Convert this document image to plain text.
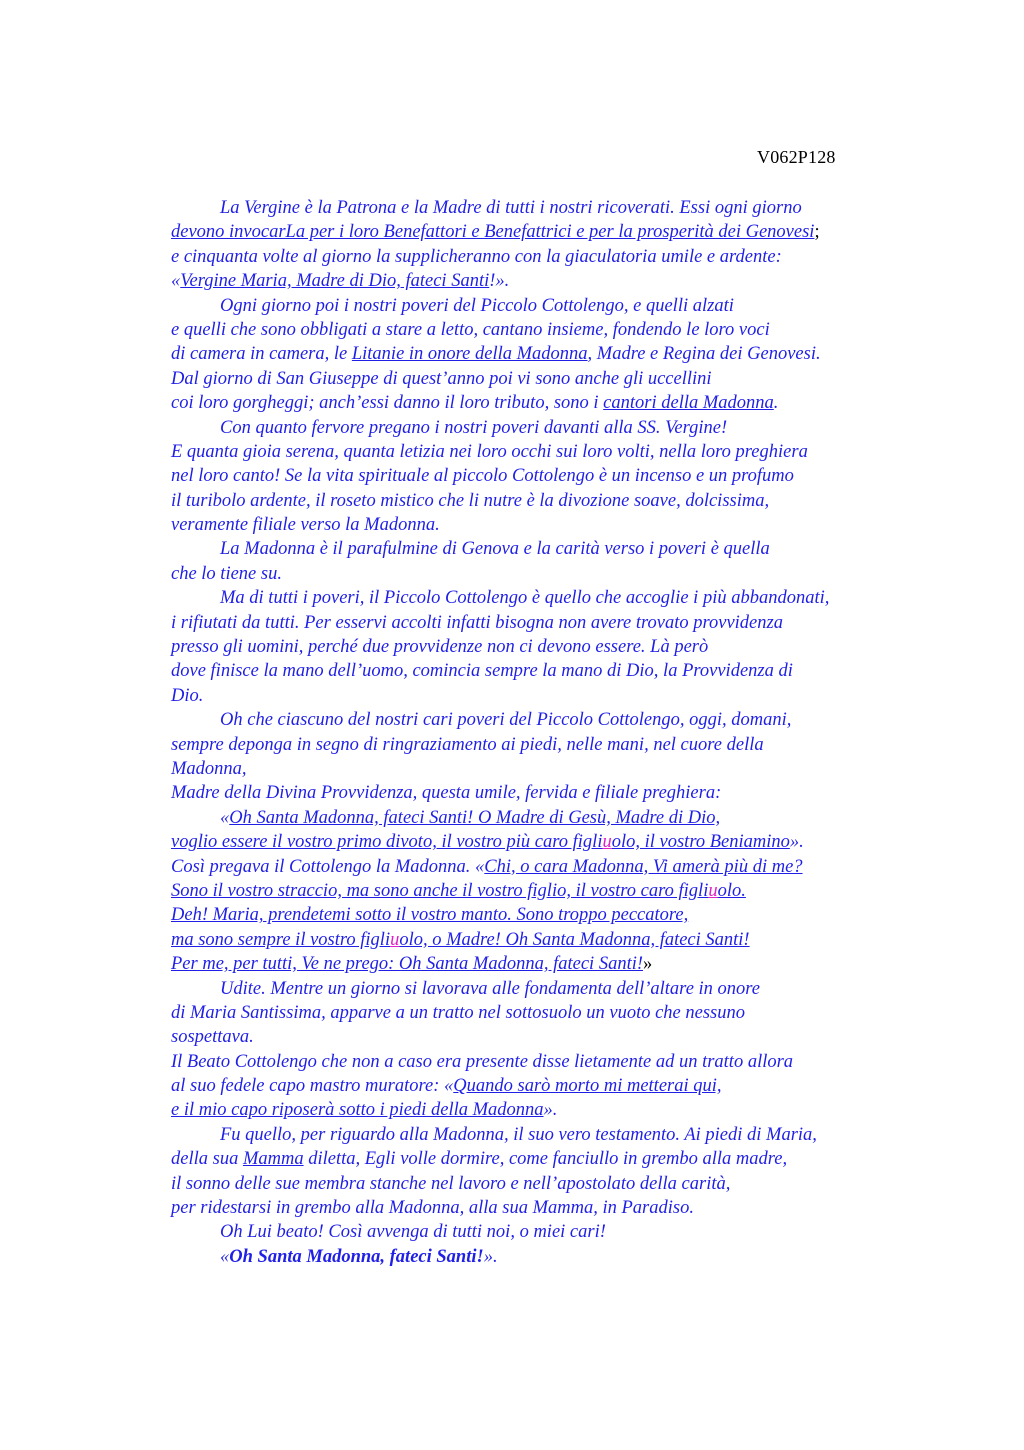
V062P128
La Vergine è la Patrona e la Madre di tutti i nostri ricoverati. Essi ogni giorno
devono invocarLa per i loro Benefattori e Benefattrici e per la prosperità dei Genovesi;
e cinquanta volte al giorno la supplicheranno con la giaculatoria umile e ardente:
«Vergine Maria, Madre di Dio, fateci Santi!».
Ogni giorno poi i nostri poveri del Piccolo Cottolengo, e quelli alzati
e quelli che sono obbligati a stare a letto, cantano insieme, fondendo le loro voci
di camera in camera, le Litanie in onore della Madonna, Madre e Regina dei Genovesi.
Dal giorno di San Giuseppe di quest’anno poi vi sono anche gli uccellini
coi loro gorgheggi; anch’essi danno il loro tributo, sono i cantori della Madonna.
Con quanto fervore pregano i nostri poveri davanti alla SS. Vergine!
E quanta gioia serena, quanta letizia nei loro occhi sui loro volti, nella loro preghiera
nel loro canto! Se la vita spirituale al piccolo Cottolengo è un incenso e un profumo
il turibolo ardente, il roseto mistico che li nutre è la divozione soave, dolcissima,
veramente filiale verso la Madonna.
La Madonna è il parafulmine di Genova e la carità verso i poveri è quella
che lo tiene su.
Ma di tutti i poveri, il Piccolo Cottolengo è quello che accoglie i più abbandonati,
i rifiutati da tutti. Per esservi accolti infatti bisogna non avere trovato provvidenza
presso gli uomini, perché due provvidenze non ci devono essere. Là però
dove finisce la mano dell’uomo, comincia sempre la mano di Dio, la Provvidenza di
Dio.
Oh che ciascuno del nostri cari poveri del Piccolo Cottolengo, oggi, domani,
sempre deponga in segno di ringraziamento ai piedi, nelle mani, nel cuore della
Madonna,
Madre della Divina Provvidenza, questa umile, fervida e filiale preghiera:
«Oh Santa Madonna, fateci Santi! O Madre di Gesù, Madre di Dio,
voglio essere il vostro primo divoto, il vostro più caro figliuolo, il vostro Beniamino».
Così pregava il Cottolengo la Madonna. «Chi, o cara Madonna, Vi amerà più di me?
Sono il vostro straccio, ma sono anche il vostro figlio, il vostro caro figliuolo.
Deh! Maria, prendetemi sotto il vostro manto. Sono troppo peccatore,
ma sono sempre il vostro figliuolo, o Madre! Oh Santa Madonna, fateci Santi!
Per me, per tutti, Ve ne prego: Oh Santa Madonna, fateci Santi!»
Udite. Mentre un giorno si lavorava alle fondamenta dell’altare in onore
di Maria Santissima, apparve a un tratto nel sottosuolo un vuoto che nessuno
sospettava.
Il Beato Cottolengo che non a caso era presente disse lietamente ad un tratto allora
al suo fedele capo mastro muratore: «Quando sarò morto mi metterai qui,
e il mio capo riposerà sotto i piedi della Madonna».
Fu quello, per riguardo alla Madonna, il suo vero testamento. Ai piedi di Maria,
della sua Mamma diletta, Egli volle dormire, come fanciullo in grembo alla madre,
il sonno delle sue membra stanche nel lavoro e nell’apostolato della carità,
per ridestarsi in grembo alla Madonna, alla sua Mamma, in Paradiso.
Oh Lui beato! Così avvenga di tutti noi, o miei cari!
«Oh Santa Madonna, fateci Santi!».
